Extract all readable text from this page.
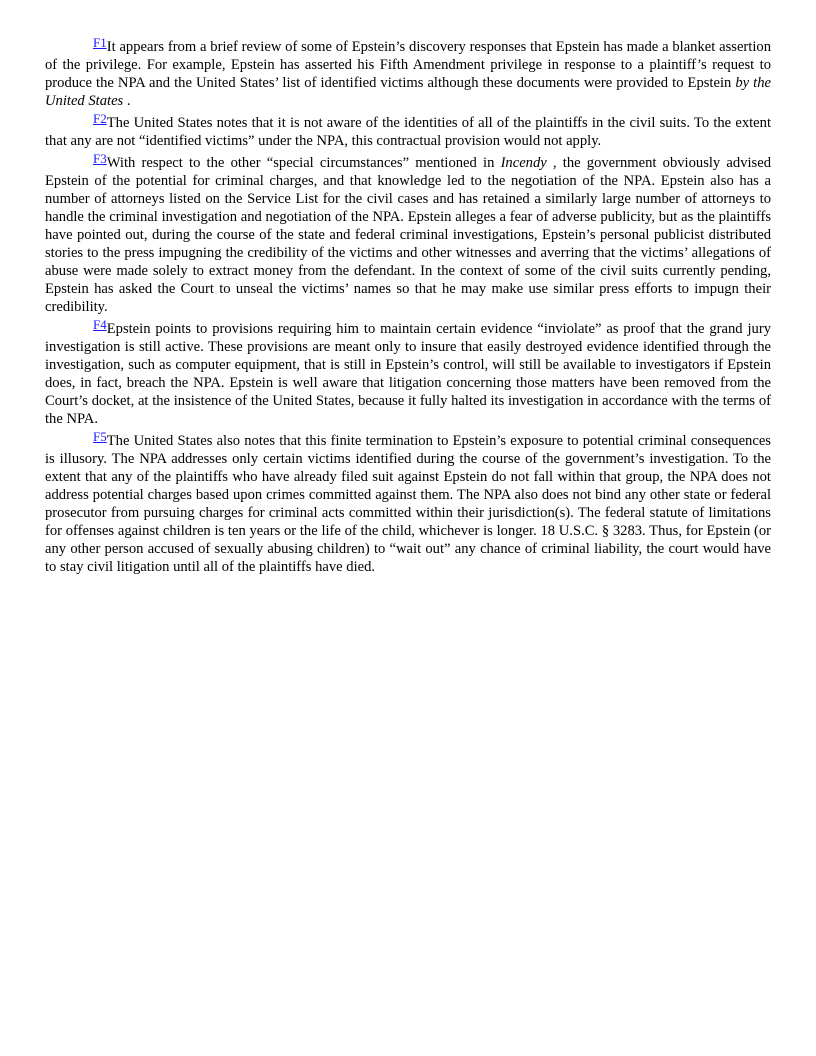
F1It appears from a brief review of some of Epstein’s discovery responses that Epstein has made a blanket assertion of the privilege. For example, Epstein has asserted his Fifth Amendment privilege in response to a plaintiff’s request to produce the NPA and the United States’ list of identified victims although these documents were provided to Epstein by the United States .

F2The United States notes that it is not aware of the identities of all of the plaintiffs in the civil suits. To the extent that any are not “identified victims” under the NPA, this contractual provision would not apply.

F3With respect to the other “special circumstances” mentioned in Incendy , the government obviously advised Epstein of the potential for criminal charges, and that knowledge led to the negotiation of the NPA. Epstein also has a number of attorneys listed on the Service List for the civil cases and has retained a similarly large number of attorneys to handle the criminal investigation and negotiation of the NPA. Epstein alleges a fear of adverse publicity, but as the plaintiffs have pointed out, during the course of the state and federal criminal investigations, Epstein’s personal publicist distributed stories to the press impugning the credibility of the victims and other witnesses and averring that the victims’ allegations of abuse were made solely to extract money from the defendant. In the context of some of the civil suits currently pending, Epstein has asked the Court to unseal the victims’ names so that he may make use similar press efforts to impugn their credibility.

F4Epstein points to provisions requiring him to maintain certain evidence “inviolate” as proof that the grand jury investigation is still active. These provisions are meant only to insure that easily destroyed evidence identified through the investigation, such as computer equipment, that is still in Epstein’s control, will still be available to investigators if Epstein does, in fact, breach the NPA. Epstein is well aware that litigation concerning those matters have been removed from the Court’s docket, at the insistence of the United States, because it fully halted its investigation in accordance with the terms of the NPA.

F5The United States also notes that this finite termination to Epstein’s exposure to potential criminal consequences is illusory. The NPA addresses only certain victims identified during the course of the government’s investigation. To the extent that any of the plaintiffs who have already filed suit against Epstein do not fall within that group, the NPA does not address potential charges based upon crimes committed against them. The NPA also does not bind any other state or federal prosecutor from pursuing charges for criminal acts committed within their jurisdiction(s). The federal statute of limitations for offenses against children is ten years or the life of the child, whichever is longer. 18 U.S.C. § 3283. Thus, for Epstein (or any other person accused of sexually abusing children) to “wait out” any chance of criminal liability, the court would have to stay civil litigation until all of the plaintiffs have died.
